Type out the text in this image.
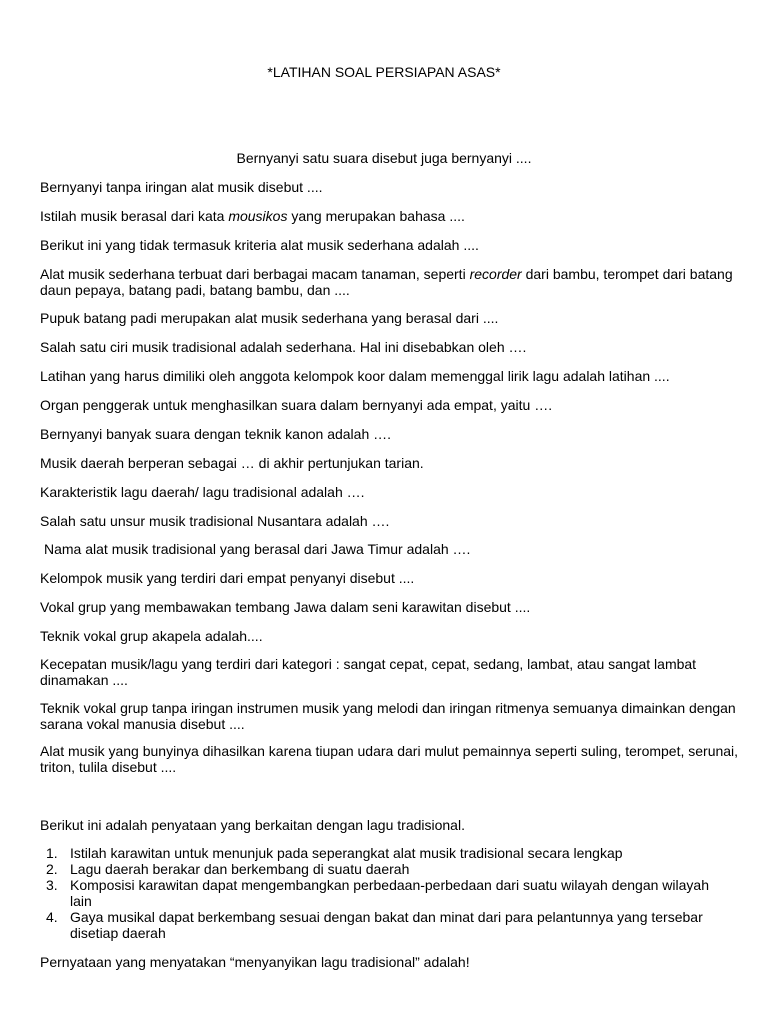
*LATIHAN SOAL PERSIAPAN ASAS*
Bernyanyi satu suara disebut juga bernyanyi ....
Bernyanyi tanpa iringan alat musik disebut ....
Istilah musik berasal dari kata mousikos yang merupakan bahasa ....
Berikut ini yang tidak termasuk kriteria alat musik sederhana adalah ....
Alat musik sederhana terbuat dari berbagai macam tanaman, seperti recorder dari bambu, terompet dari batang daun pepaya, batang padi, batang bambu, dan ....
Pupuk batang padi merupakan alat musik sederhana yang berasal dari ....
Salah satu ciri musik tradisional adalah sederhana. Hal ini disebabkan oleh ….
Latihan yang harus dimiliki oleh anggota kelompok koor dalam memenggal lirik lagu adalah latihan ....
Organ penggerak untuk menghasilkan suara dalam bernyanyi ada empat, yaitu ….
Bernyanyi banyak suara dengan teknik kanon adalah ….
Musik daerah berperan sebagai … di akhir pertunjukan tarian.
Karakteristik lagu daerah/ lagu tradisional adalah ….
Salah satu unsur musik tradisional Nusantara adalah ….
Nama alat musik tradisional yang berasal dari Jawa Timur adalah ….
Kelompok musik yang terdiri dari empat penyanyi disebut ....
Vokal grup yang membawakan tembang Jawa dalam seni karawitan disebut ....
Teknik vokal grup akapela adalah....
Kecepatan musik/lagu yang terdiri dari kategori : sangat cepat, cepat, sedang, lambat, atau sangat lambat dinamakan ....
Teknik vokal grup tanpa iringan instrumen musik yang melodi dan iringan ritmenya semuanya dimainkan dengan sarana vokal manusia disebut ....
Alat musik yang bunyinya dihasilkan karena tiupan udara dari mulut pemainnya seperti suling, terompet, serunai, triton, tulila disebut ....
Berikut ini adalah penyataan yang berkaitan dengan lagu tradisional.
1. Istilah karawitan untuk menunjuk pada seperangkat alat musik tradisional secara lengkap
2. Lagu daerah berakar dan berkembang di suatu daerah
3. Komposisi karawitan dapat mengembangkan perbedaan-perbedaan dari suatu wilayah dengan wilayah lain
4. Gaya musikal dapat berkembang sesuai dengan bakat dan minat dari para pelantunnya yang tersebar disetiap daerah
Pernyataan yang menyatakan “menyanyikan lagu tradisional” adalah!
